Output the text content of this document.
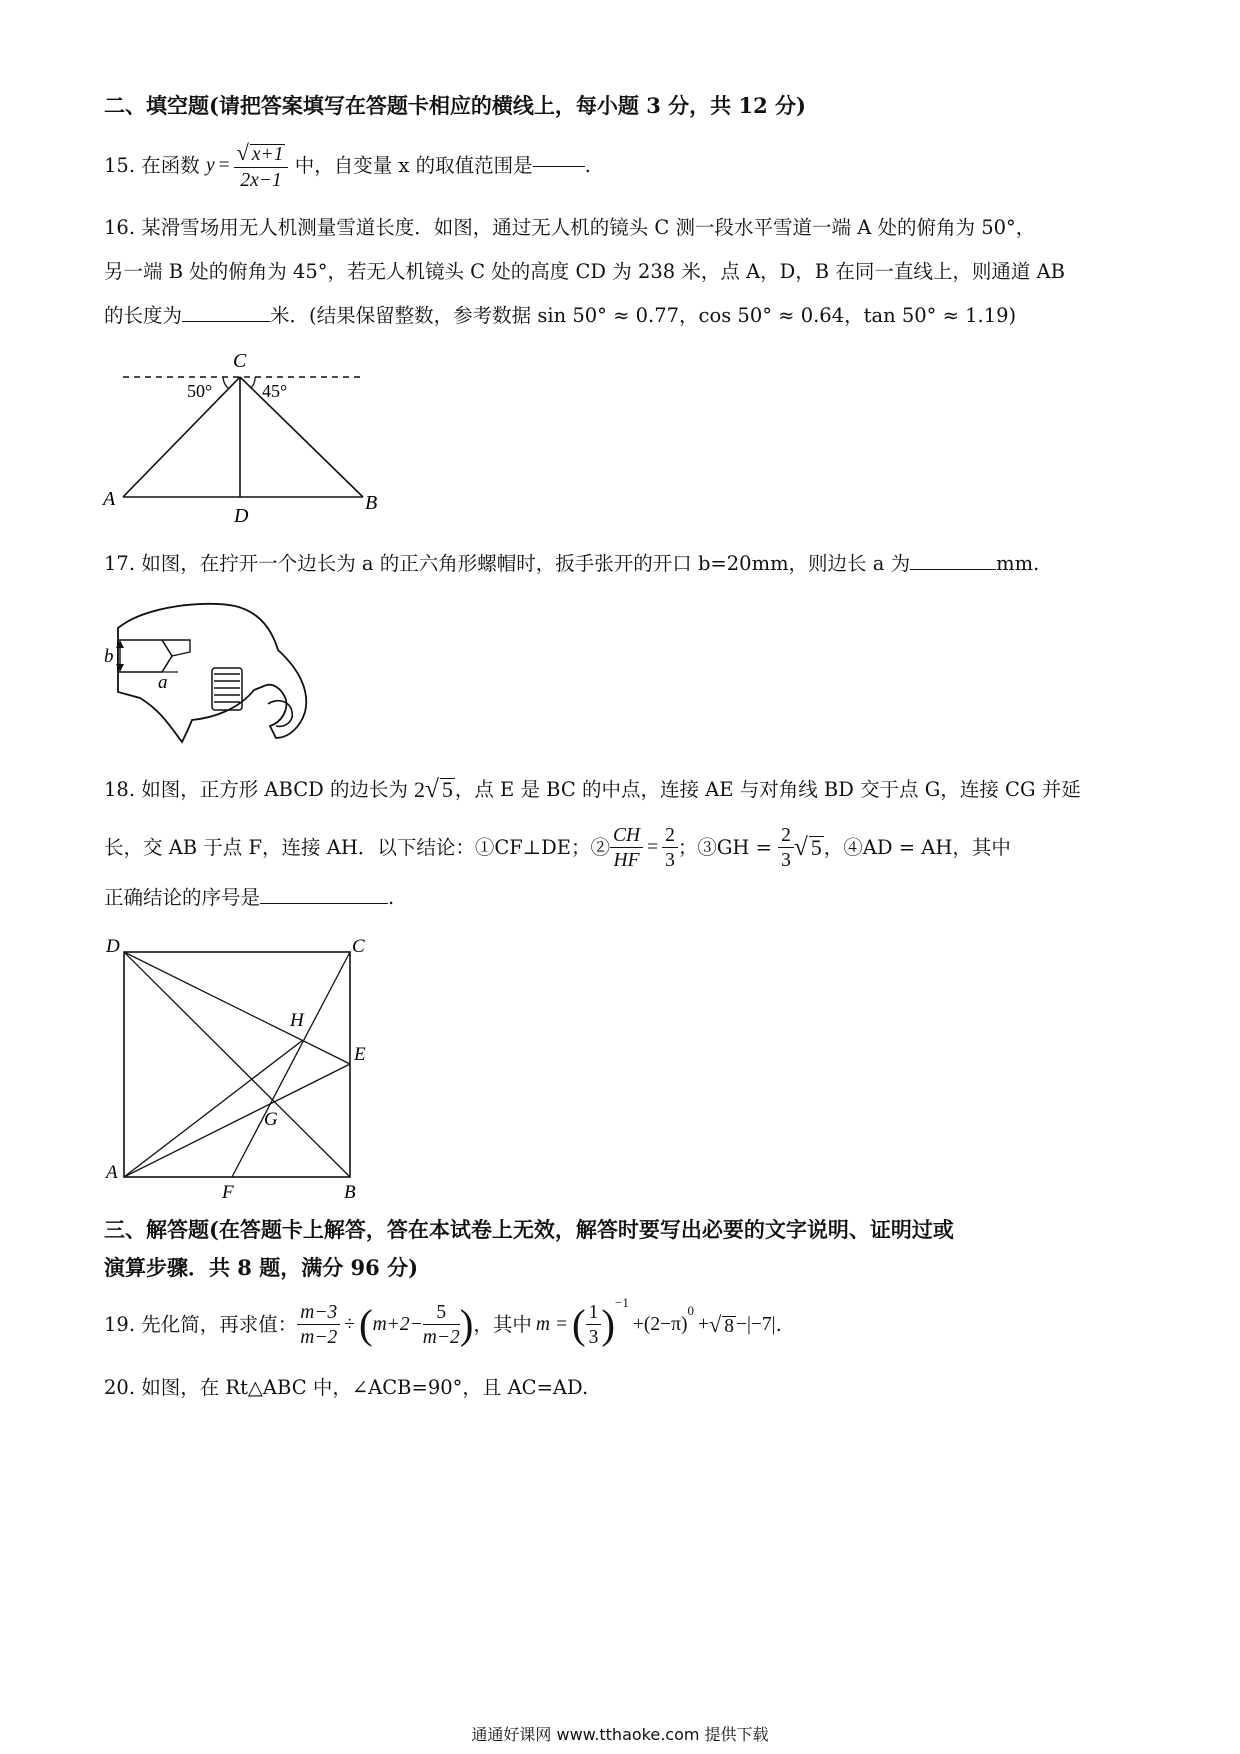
二、填空题(请把答案填写在答题卡相应的横线上，每小题 3 分，共 12 分)
15.
在函数
$y = \frac{√ x+1}{2x-1}$
中，自变量 x 的取值范围是	.
16. 某滑雪场用无人机测量雪道长度．如图，通过无人机的镜头 C 测一段水平雪道一端 A 处的俯角为 50°，
另一端 B 处的俯角为 45°，若无人机镜头 C 处的高度 CD 为 238 米，点 A，D，B 在同一直线上，则通道 AB
的长度为	米．(结果保留整数，参考数据 sin 50° ≈ 0.77，cos 50° ≈ 0.64，tan 50° ≈ 1.19)
C
50°	45°
A
D
B
17. 如图，在拧开一个边长为 a 的正六角形螺帽时，扳手张开的开口 b=20mm，则边长 a 为	mm.
b
a
18.
如图，正方形 ABCD 的边长为 2√ 5 ，点 E 是 BC 的中点，连接 AE 与对角线 BD 交于点 G，连接 CG 并延
长，交 AB 于点 F，连接 AH．以下结论：①CF⊥DE；② $\frac{CH}{HF} = \frac{2}{3}$ ；③GH =
$\frac{2}{3}$ √ 5 ，④AD = AH，其中
正确结论的序号是	.
D	C
H
E
G
A
F	B
三、解答题(在答题卡上解答，答在本试卷上无效，解答时要写出必要的文字说明、证明过或
演算步骤．共 8 题，满分 96 分)
19.
先化简，再求值： $\frac{m-3}{m-2}$ ÷ ( $m+2- \frac{5}{m-2}$ ) ，其中 m = ( $\frac{1}{3} )^{-1}$
+(2−π)
$^0$
+ √ 8 −|−7| .
20. 如图，在 Rt△ABC 中，∠ACB=90°，且 AC=AD.
通通好课网 www.tthaoke.com 提供下载
